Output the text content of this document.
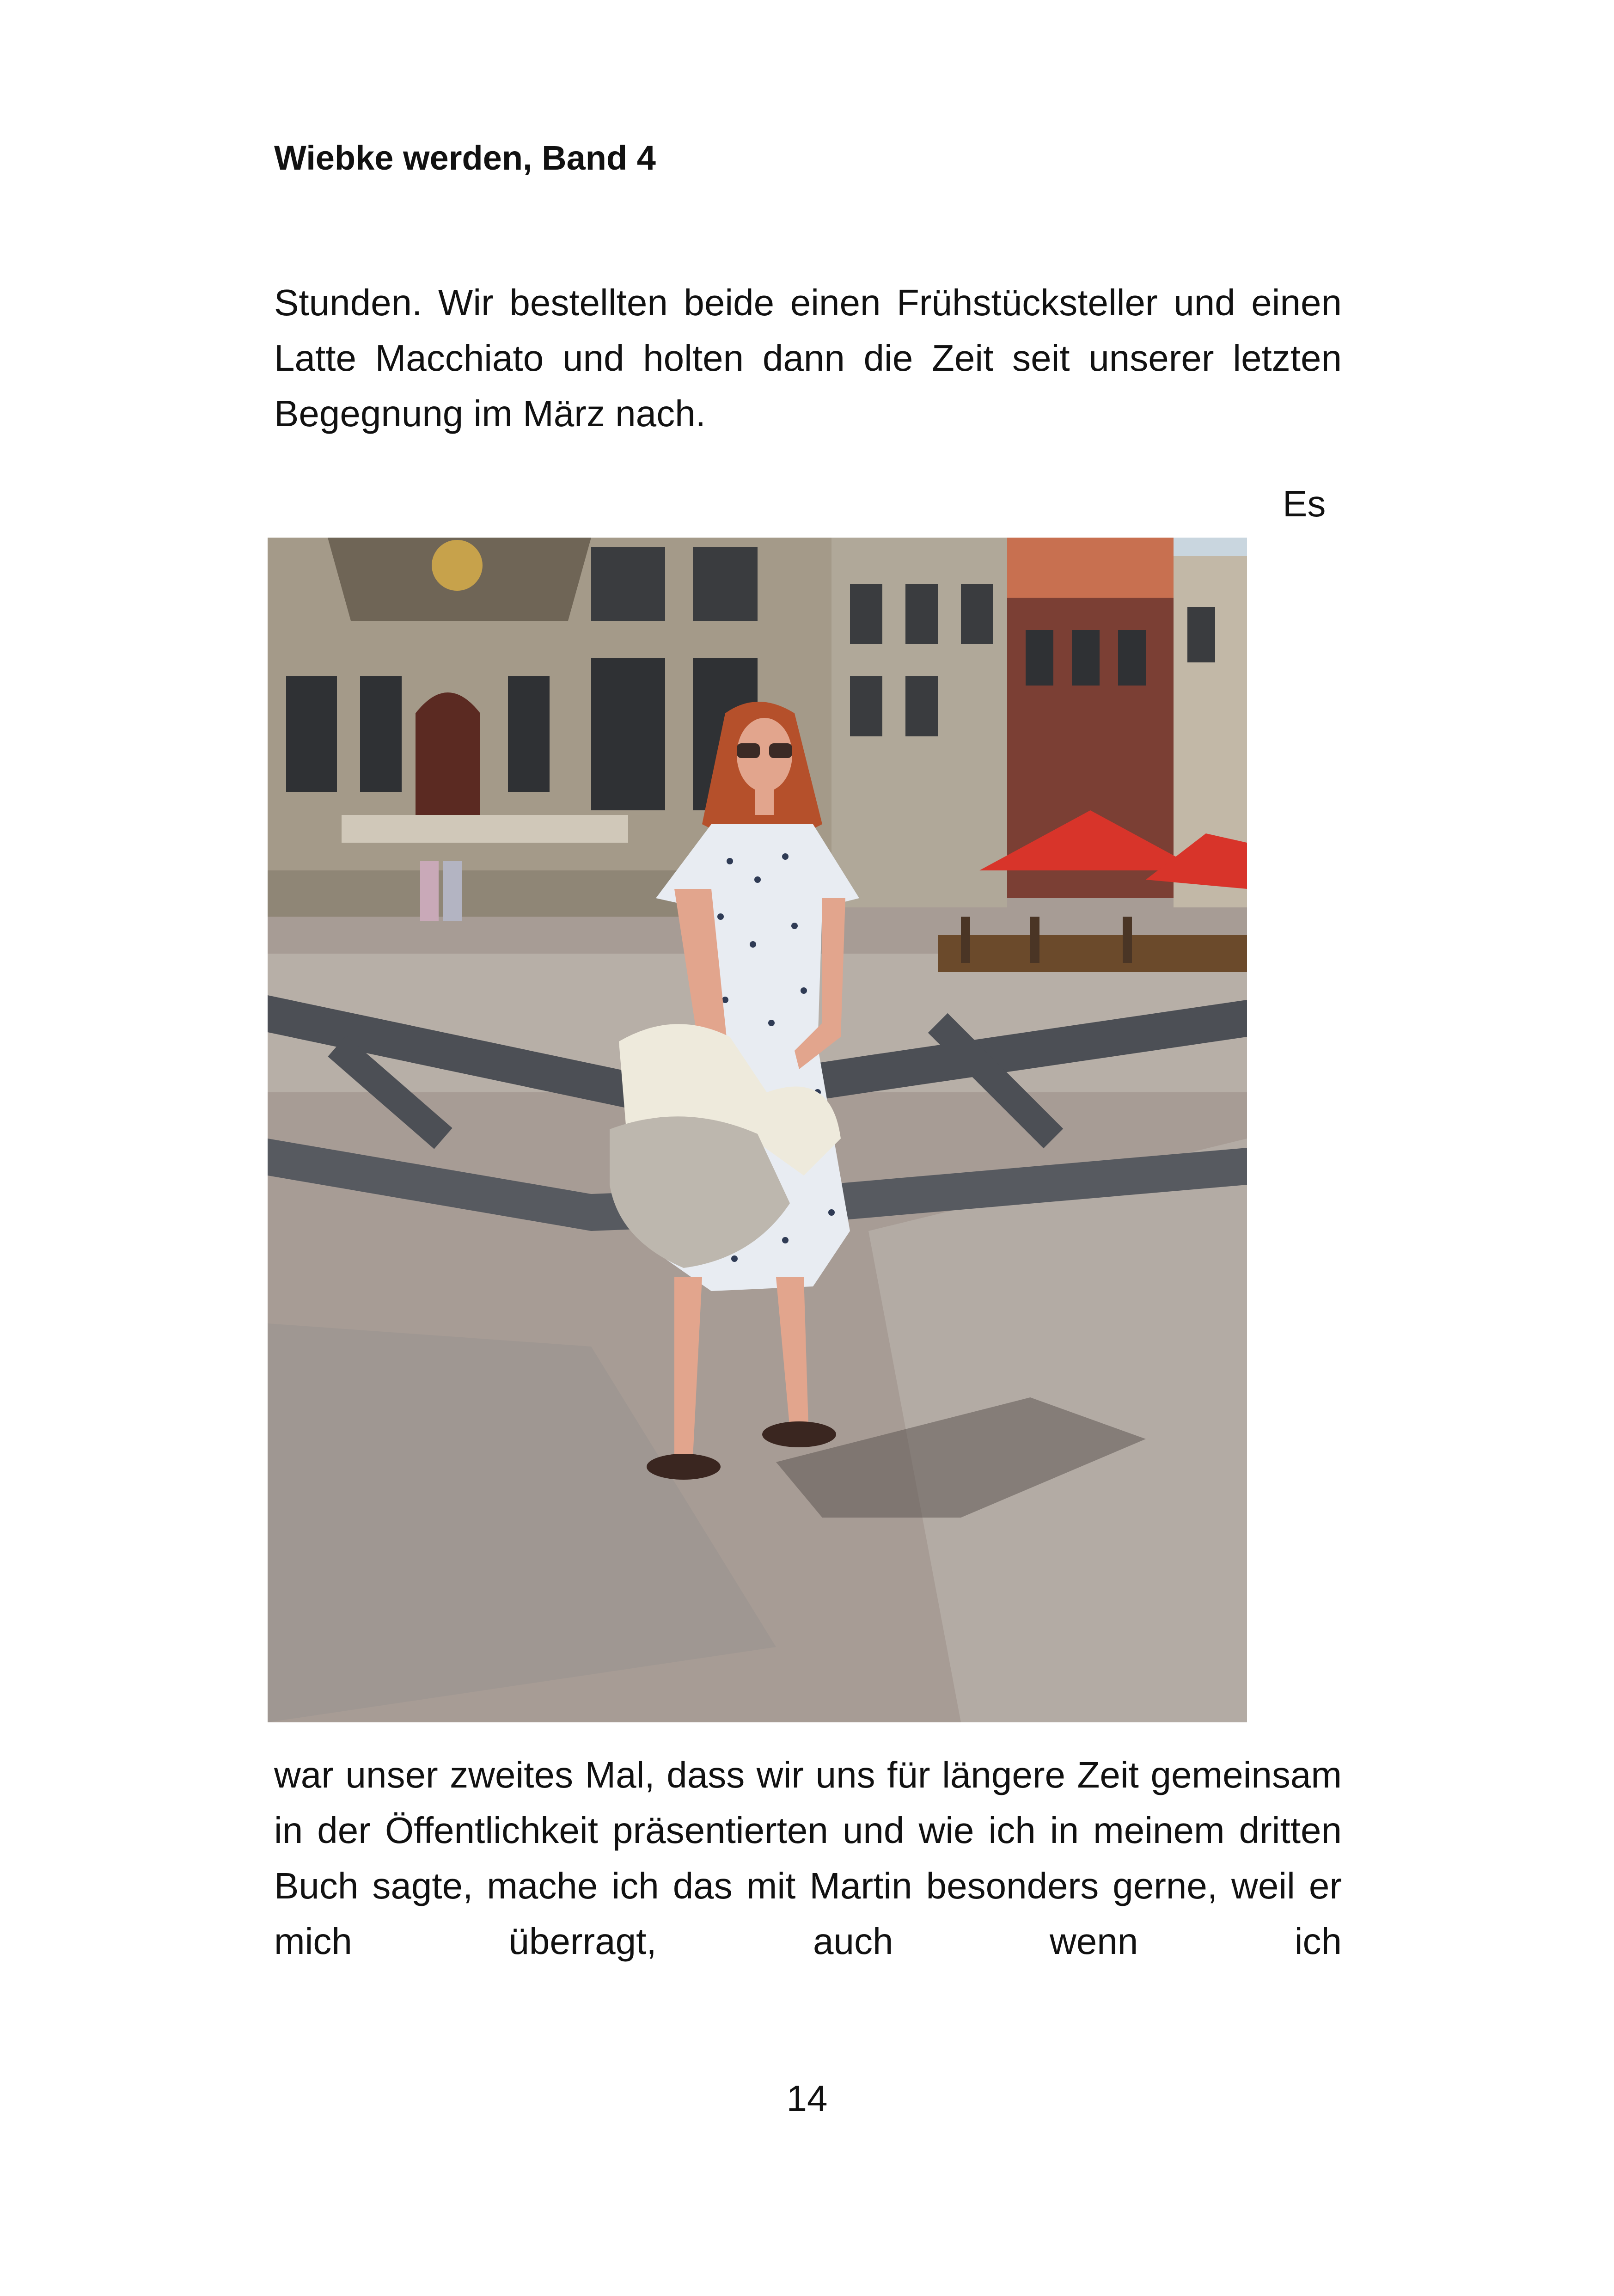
Wiebke werden, Band 4
Stunden. Wir bestellten beide einen Frühstücksteller und einen Latte Macchiato und holten dann die Zeit seit unserer letzten Begegnung im März nach.
Es
war unser zweites Mal, dass wir uns für längere Zeit gemeinsam in der Öffentlichkeit präsentierten und wie ich in meinem dritten Buch sagte, mache ich das mit Martin besonders gerne, weil er mich überragt, auch wenn ich
14
